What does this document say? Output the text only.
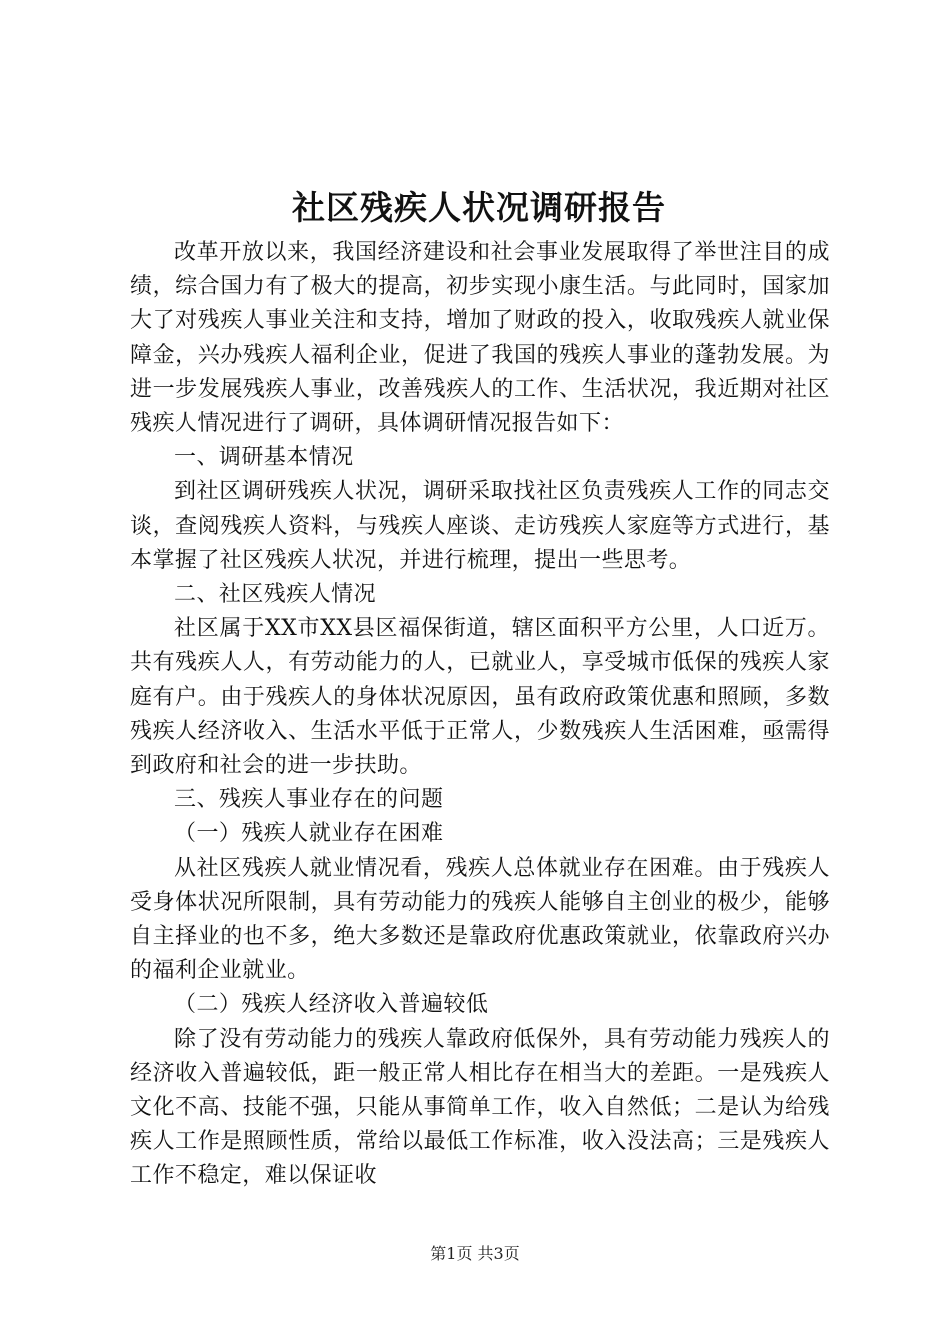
社区残疾人状况调研报告

改革开放以来，我国经济建设和社会事业发展取得了举世注目的成绩，综合国力有了极大的提高，初步实现小康生活。与此同时，国家加大了对残疾人事业关注和支持，增加了财政的投入，收取残疾人就业保障金，兴办残疾人福利企业，促进了我国的残疾人事业的蓬勃发展。为进一步发展残疾人事业，改善残疾人的工作、生活状况，我近期对社区残疾人情况进行了调研，具体调研情况报告如下：

一、调研基本情况

到社区调研残疾人状况，调研采取找社区负责残疾人工作的同志交谈，查阅残疾人资料，与残疾人座谈、走访残疾人家庭等方式进行，基本掌握了社区残疾人状况，并进行梳理，提出一些思考。

二、社区残疾人情况

社区属于XX市XX县区福保街道，辖区面积平方公里，人口近万。共有残疾人人，有劳动能力的人，已就业人，享受城市低保的残疾人家庭有户。由于残疾人的身体状况原因，虽有政府政策优惠和照顾，多数残疾人经济收入、生活水平低于正常人，少数残疾人生活困难，亟需得到政府和社会的进一步扶助。

三、残疾人事业存在的问题

（一）残疾人就业存在困难

从社区残疾人就业情况看，残疾人总体就业存在困难。由于残疾人受身体状况所限制，具有劳动能力的残疾人能够自主创业的极少，能够自主择业的也不多，绝大多数还是靠政府优惠政策就业，依靠政府兴办的福利企业就业。

（二）残疾人经济收入普遍较低

除了没有劳动能力的残疾人靠政府低保外，具有劳动能力残疾人的经济收入普遍较低，距一般正常人相比存在相当大的差距。一是残疾人文化不高、技能不强，只能从事简单工作，收入自然低；二是认为给残疾人工作是照顾性质，常给以最低工作标准，收入没法高；三是残疾人工作不稳定，难以保证收

第1页 共3页
